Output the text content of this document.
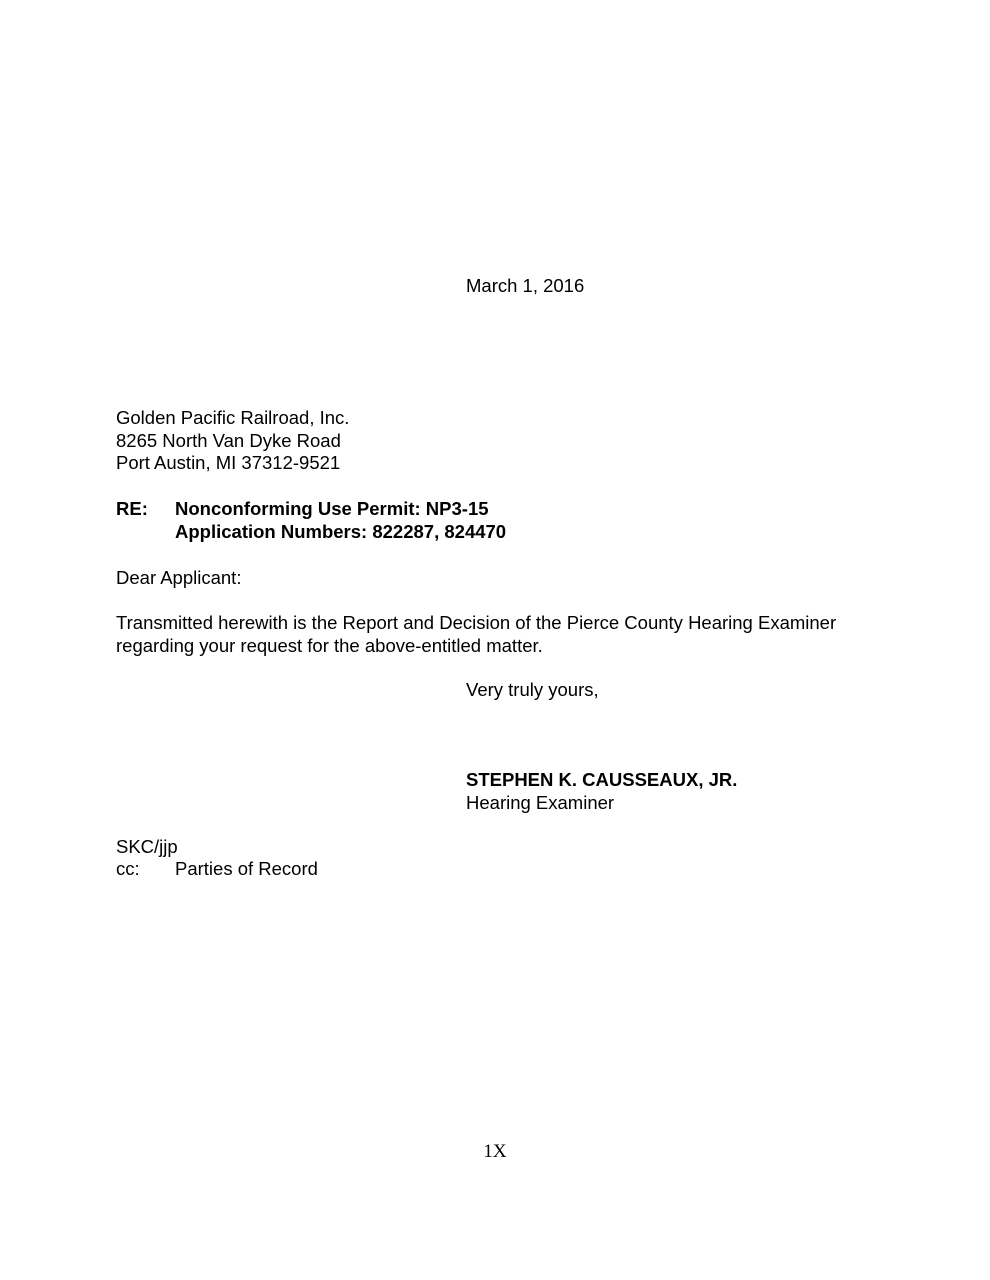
March 1, 2016

Golden Pacific Railroad, Inc.
8265 North Van Dyke Road
Port Austin, MI 37312-9521

RE: Nonconforming Use Permit: NP3-15
Application Numbers: 822287, 824470

Dear Applicant:

Transmitted herewith is the Report and Decision of the Pierce County Hearing Examiner
regarding your request for the above-entitled matter.

Very truly yours,

STEPHEN K. CAUSSEAUX, JR.
Hearing Examiner

SKC/jjp

cc: Parties of Record

1X
